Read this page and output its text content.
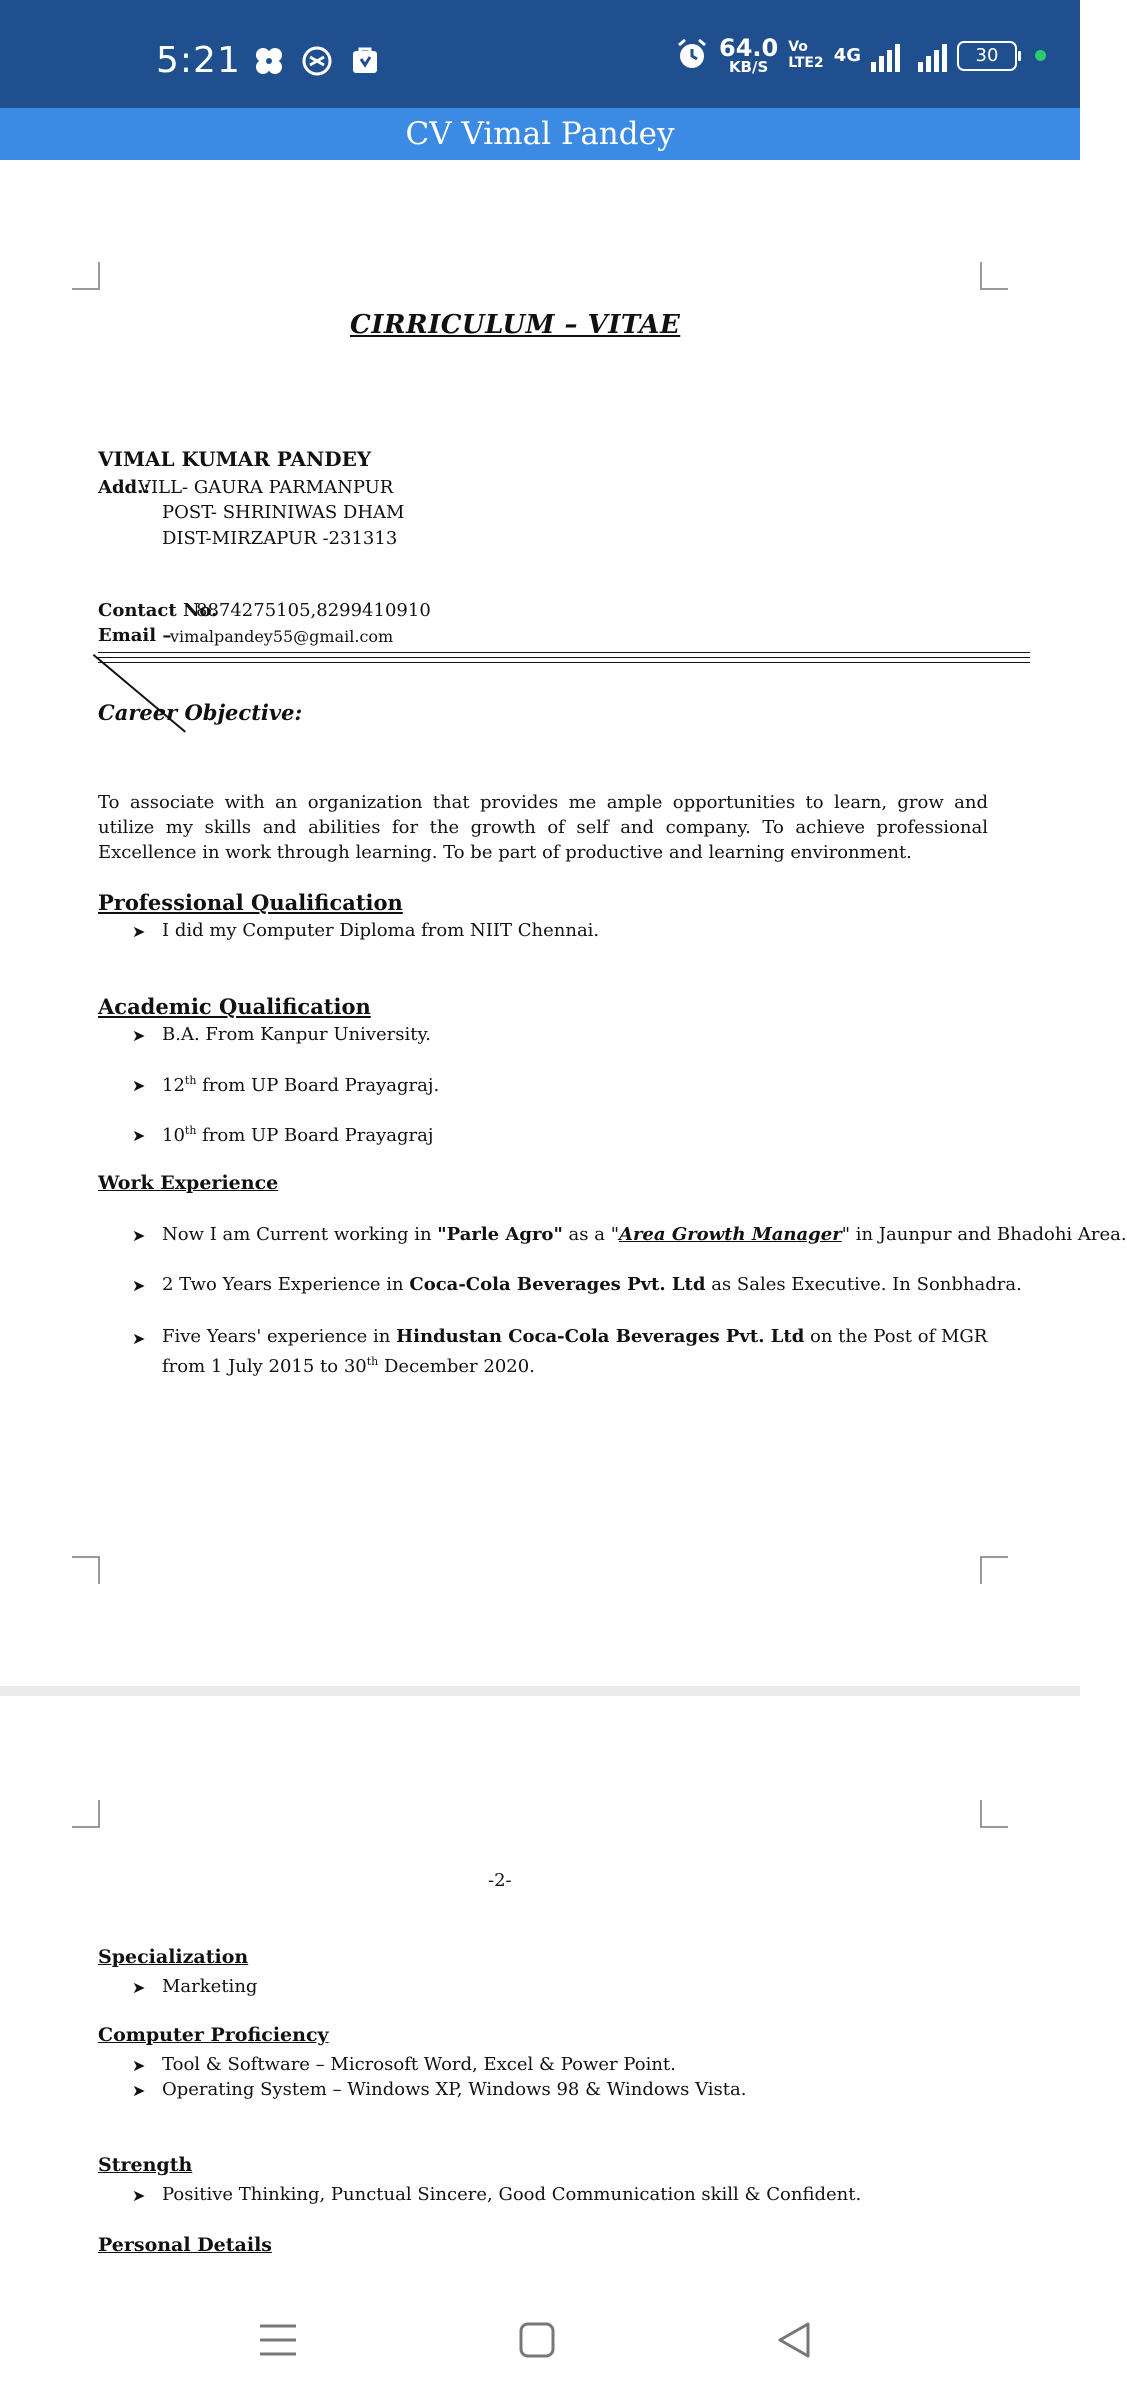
5:21	64.0
KB/S
Vo
LTE2 4G	30
CV Vimal Pandey
CIRRICULUM – VITAE
VIMAL KUMAR PANDEY
Add.:
VILL- GAURA PARMANPUR
POST- SHRINIWAS DHAM
DIST-MIRZAPUR -231313
Contact No.
8874275105,8299410910
Email –
vimalpandey55@gmail.com
Career Objective:
To associate with an organization that provides me ample opportunities to learn, grow and utilize my skills and abilities for the growth of self and company. To achieve professional Excellence in work through learning. To be part of productive and learning environment.
Professional Qualification
➤ I did my Computer Diploma from NIIT Chennai.
Academic Qualification
➤ B.A. From Kanpur University.
➤ 12th from UP Board Prayagraj.
➤ 10th from UP Board Prayagraj
Work Experience
➤ Now I am Current working in "Parle Agro" as a "Area Growth Manager" in Jaunpur and Bhadohi Area.
➤ 2 Two Years Experience in Coca-Cola Beverages Pvt. Ltd as Sales Executive. In Sonbhadra.
➤ Five Years' experience in Hindustan Coca-Cola Beverages Pvt. Ltd on the Post of MGR from 1 July 2015 to 30th December 2020.
-2-
Specialization
➤ Marketing
Computer Proficiency
➤ Tool & Software – Microsoft Word, Excel & Power Point.
➤ Operating System – Windows XP, Windows 98 & Windows Vista.
Strength
➤ Positive Thinking, Punctual Sincere, Good Communication skill & Confident.
Personal Details
